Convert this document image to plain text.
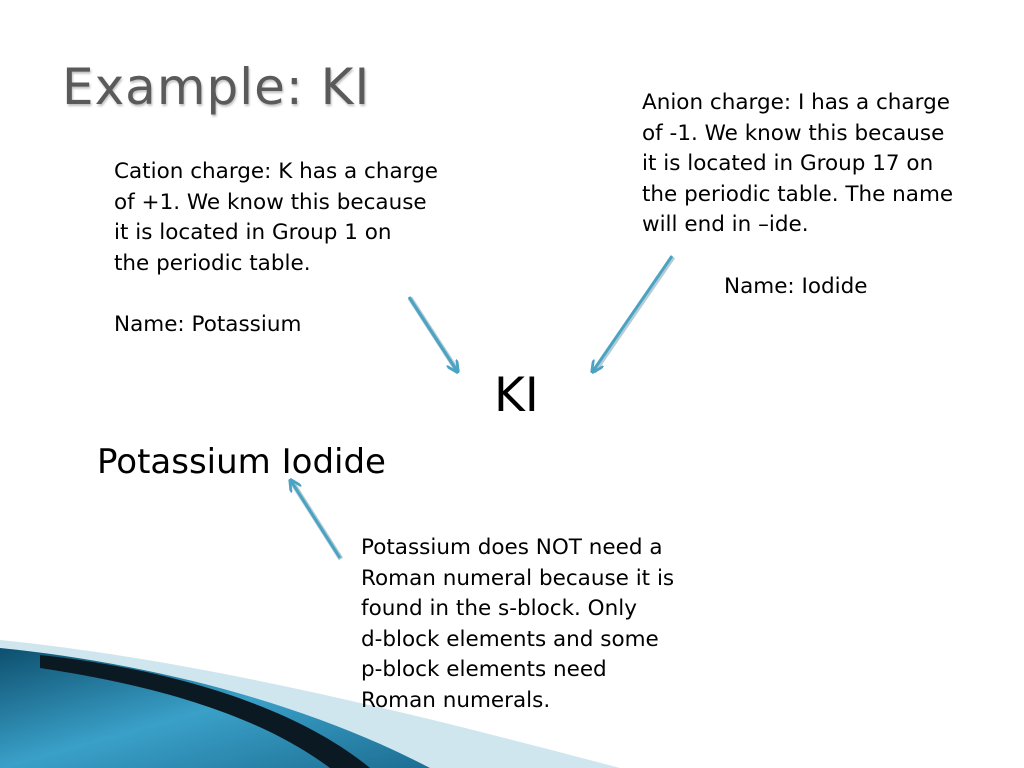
Example: KI

Cation charge: K has a charge

of +1. We know this because

it is located in Group 1 on

the periodic table.

Name: Potassium

Anion charge: I has a charge

of -1. We know this because

it is located in Group 17 on

the periodic table. The name

will end in –ide.

Name: Iodide

KI

Potassium Iodide

Potassium does NOT need a

Roman numeral because it is

found in the s-block. Only

d-block elements and some

p-block elements need

Roman numerals.
